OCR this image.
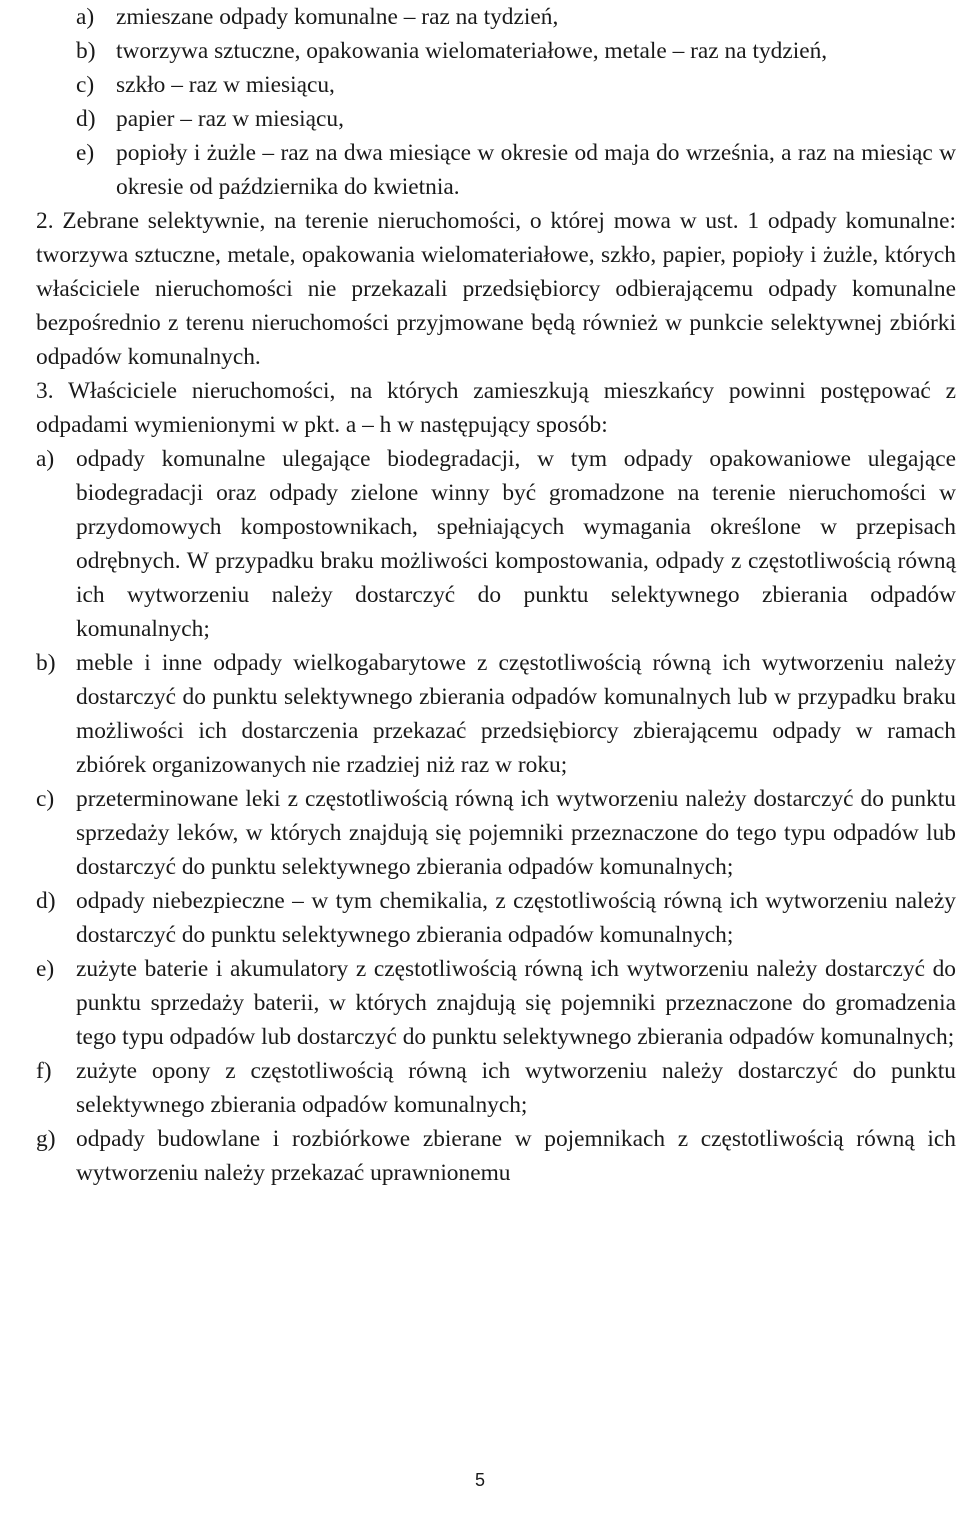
a) zmieszane odpady komunalne – raz na tydzień,
b) tworzywa sztuczne, opakowania wielomateriałowe, metale – raz na tydzień,
c) szkło – raz w miesiącu,
d) papier – raz w miesiącu,
e) popioły i żużle – raz na dwa miesiące w okresie od maja do września, a raz na miesiąc w okresie od października do kwietnia.
2. Zebrane selektywnie, na terenie nieruchomości, o której mowa w ust. 1 odpady komunalne: tworzywa sztuczne, metale, opakowania wielomateriałowe, szkło, papier, popioły i żużle, których właściciele nieruchomości nie przekazali przedsiębiorcy odbierającemu odpady komunalne bezpośrednio z terenu nieruchomości przyjmowane będą również w punkcie selektywnej zbiórki odpadów komunalnych.
3. Właściciele nieruchomości, na których zamieszkują mieszkańcy powinni postępować z odpadami wymienionymi w pkt. a – h w następujący sposób:
a) odpady komunalne ulegające biodegradacji, w tym odpady opakowaniowe ulegające biodegradacji oraz odpady zielone winny być gromadzone na terenie nieruchomości w przydomowych kompostownikach, spełniających wymagania określone w przepisach odrębnych. W przypadku braku możliwości kompostowania, odpady z częstotliwością równą ich wytworzeniu należy dostarczyć do punktu selektywnego zbierania odpadów komunalnych;
b) meble i inne odpady wielkogabarytowe z częstotliwością równą ich wytworzeniu należy dostarczyć do punktu selektywnego zbierania odpadów komunalnych lub w przypadku braku możliwości ich dostarczenia przekazać przedsiębiorcy zbierającemu odpady w ramach zbiórek organizowanych nie rzadziej niż raz w roku;
c) przeterminowane leki z częstotliwością równą ich wytworzeniu należy dostarczyć do punktu sprzedaży leków, w których znajdują się pojemniki przeznaczone do tego typu odpadów lub dostarczyć do punktu selektywnego zbierania odpadów komunalnych;
d) odpady niebezpieczne – w tym chemikalia, z częstotliwością równą ich wytworzeniu należy dostarczyć do punktu selektywnego zbierania odpadów komunalnych;
e) zużyte baterie i akumulatory z częstotliwością równą ich wytworzeniu należy dostarczyć do punktu sprzedaży baterii, w których znajdują się pojemniki przeznaczone do gromadzenia tego typu odpadów lub dostarczyć do punktu selektywnego zbierania odpadów komunalnych;
f) zużyte opony z częstotliwością równą ich wytworzeniu należy dostarczyć do punktu selektywnego zbierania odpadów komunalnych;
g) odpady budowlane i rozbiórkowe zbierane w pojemnikach z częstotliwością równą ich wytworzeniu należy przekazać uprawnionemu
5
